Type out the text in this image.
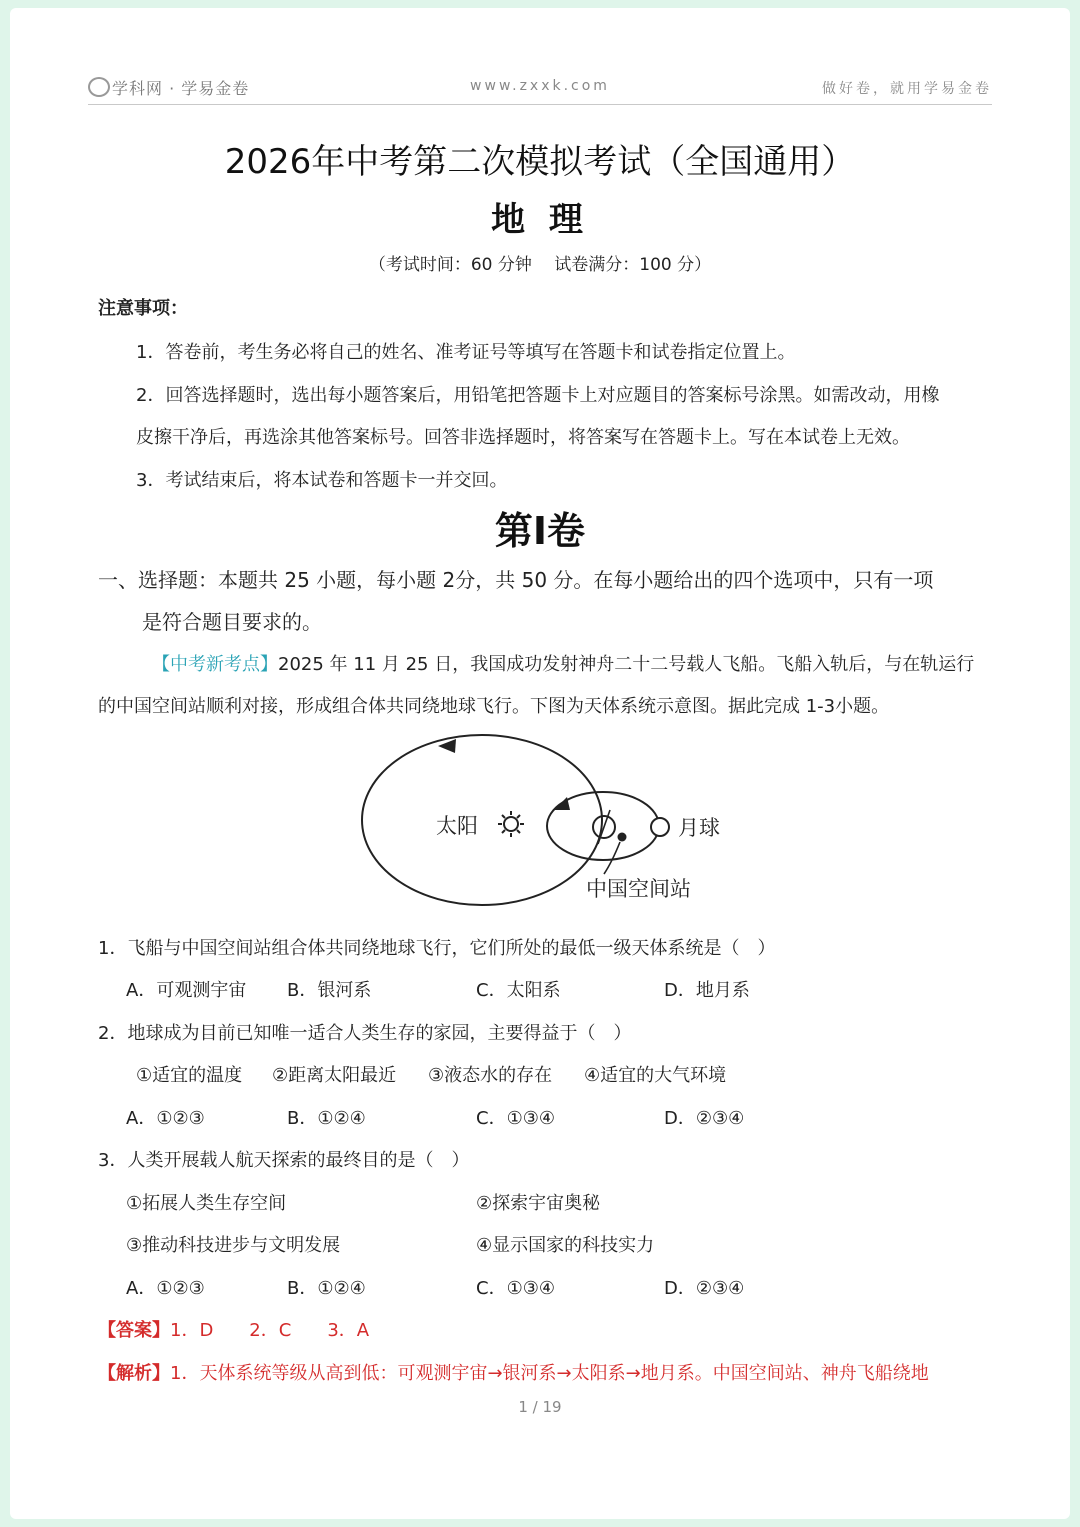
学科网 · 学易金卷	www.zxxk.com	做好卷，就用学易金卷
2026年中考第二次模拟考试（全国通用）
地 理
（考试时间：60 分钟　 试卷满分：100 分）
注意事项：
1．答卷前，考生务必将自己的姓名、准考证号等填写在答题卡和试卷指定位置上。
2．回答选择题时，选出每小题答案后，用铅笔把答题卡上对应题目的答案标号涂黑。如需改动，用橡
皮擦干净后，再选涂其他答案标号。回答非选择题时，将答案写在答题卡上。写在本试卷上无效。
3．考试结束后，将本试卷和答题卡一并交回。
第Ⅰ卷
一、选择题：本题共 25 小题，每小题 2分，共 50 分。在每小题给出的四个选项中，只有一项
是符合题目要求的。
【中考新考点】2025 年 11 月 25 日，我国成功发射神舟二十二号载人飞船。飞船入轨后，与在轨运行
的中国空间站顺利对接，形成组合体共同绕地球飞行。下图为天体系统示意图。据此完成 1-3小题。
太阳	月球
中国空间站
1．飞船与中国空间站组合体共同绕地球飞行，它们所处的最低一级天体系统是（　）
A．可观测宇宙 B．银河系	C．太阳系	D．地月系
2．地球成为目前已知唯一适合人类生存的家园，主要得益于（　）
①适宜的温度 ②距离太阳最近 ③液态水的存在 ④适宜的大气环境
A．①②③	B．①②④	C．①③④	D．②③④
3．人类开展载人航天探索的最终目的是（　）
①拓展人类生存空间	②探索宇宙奥秘
③推动科技进步与文明发展	④显示国家的科技实力
A．①②③	B．①②④	C．①③④	D．②③④
【答案】1．D　　2．C　　3．A
【解析】1．天体系统等级从高到低：可观测宇宙→银河系→太阳系→地月系。中国空间站、神舟飞船绕地
1 / 19
